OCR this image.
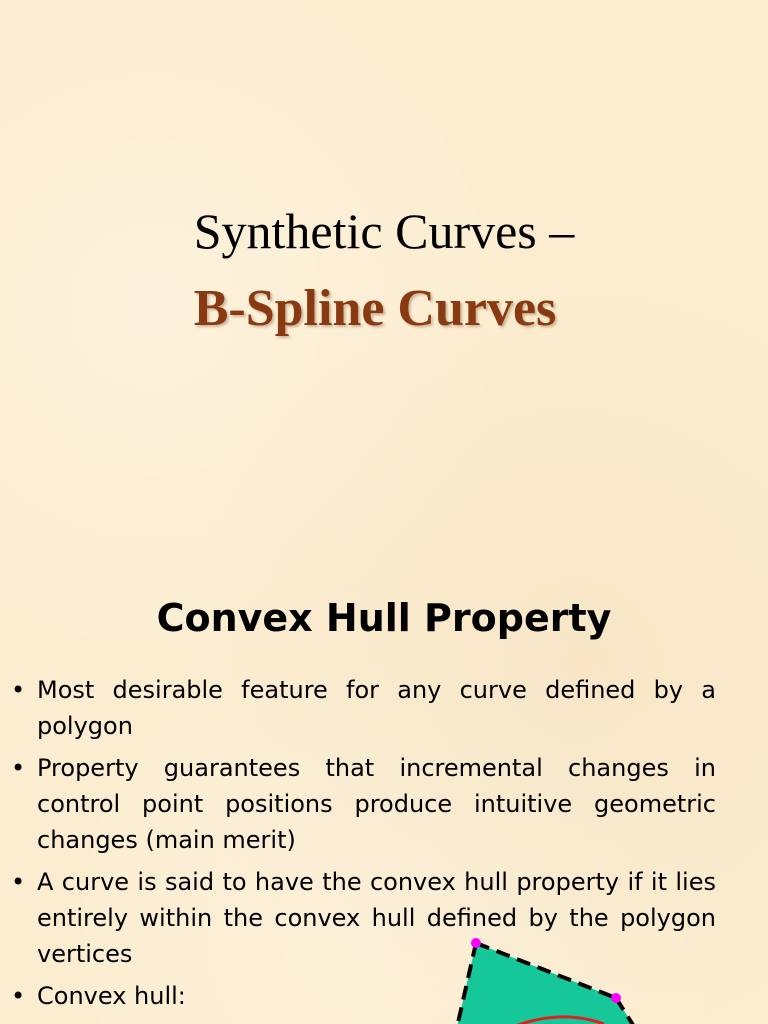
Synthetic Curves –
B-Spline Curves
Convex Hull Property
• Most desirable feature for any curve defined by a polygon
• Property guarantees that incremental changes in control point positions produce intuitive geometric changes (main merit)
• A curve is said to have the convex hull property if it lies entirely within the convex hull defined by the polygon vertices
• Convex hull:
